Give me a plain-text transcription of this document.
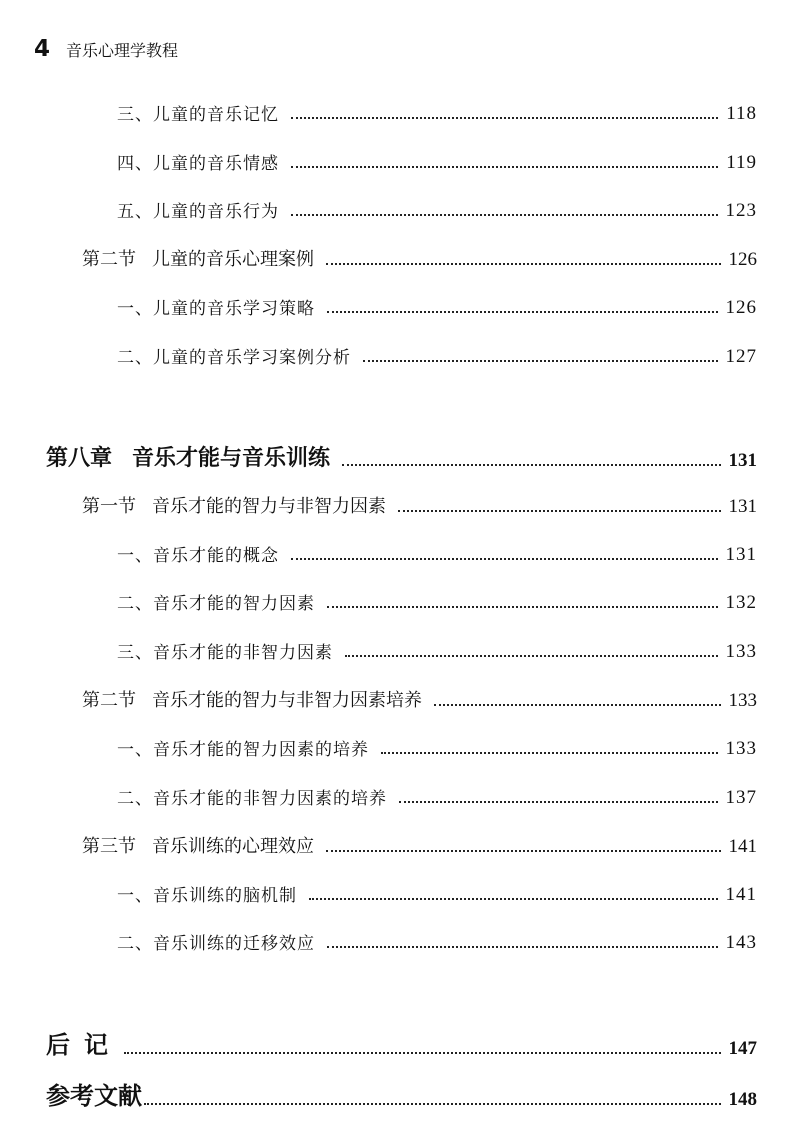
4 音乐心理学教程
三、儿童的音乐记忆	118
四、儿童的音乐情感	119
五、儿童的音乐行为	123
第二节 儿童的音乐心理案例	126
一、儿童的音乐学习策略	126
二、儿童的音乐学习案例分析	127
第八章 音乐才能与音乐训练	131
第一节 音乐才能的智力与非智力因素	131
一、音乐才能的概念	131
二、音乐才能的智力因素	132
三、音乐才能的非智力因素	133
第二节 音乐才能的智力与非智力因素培养	133
一、音乐才能的智力因素的培养	133
二、音乐才能的非智力因素的培养	137
第三节 音乐训练的心理效应	141
一、音乐训练的脑机制	141
二、音乐训练的迁移效应	143
后记	147
参考文献	148
